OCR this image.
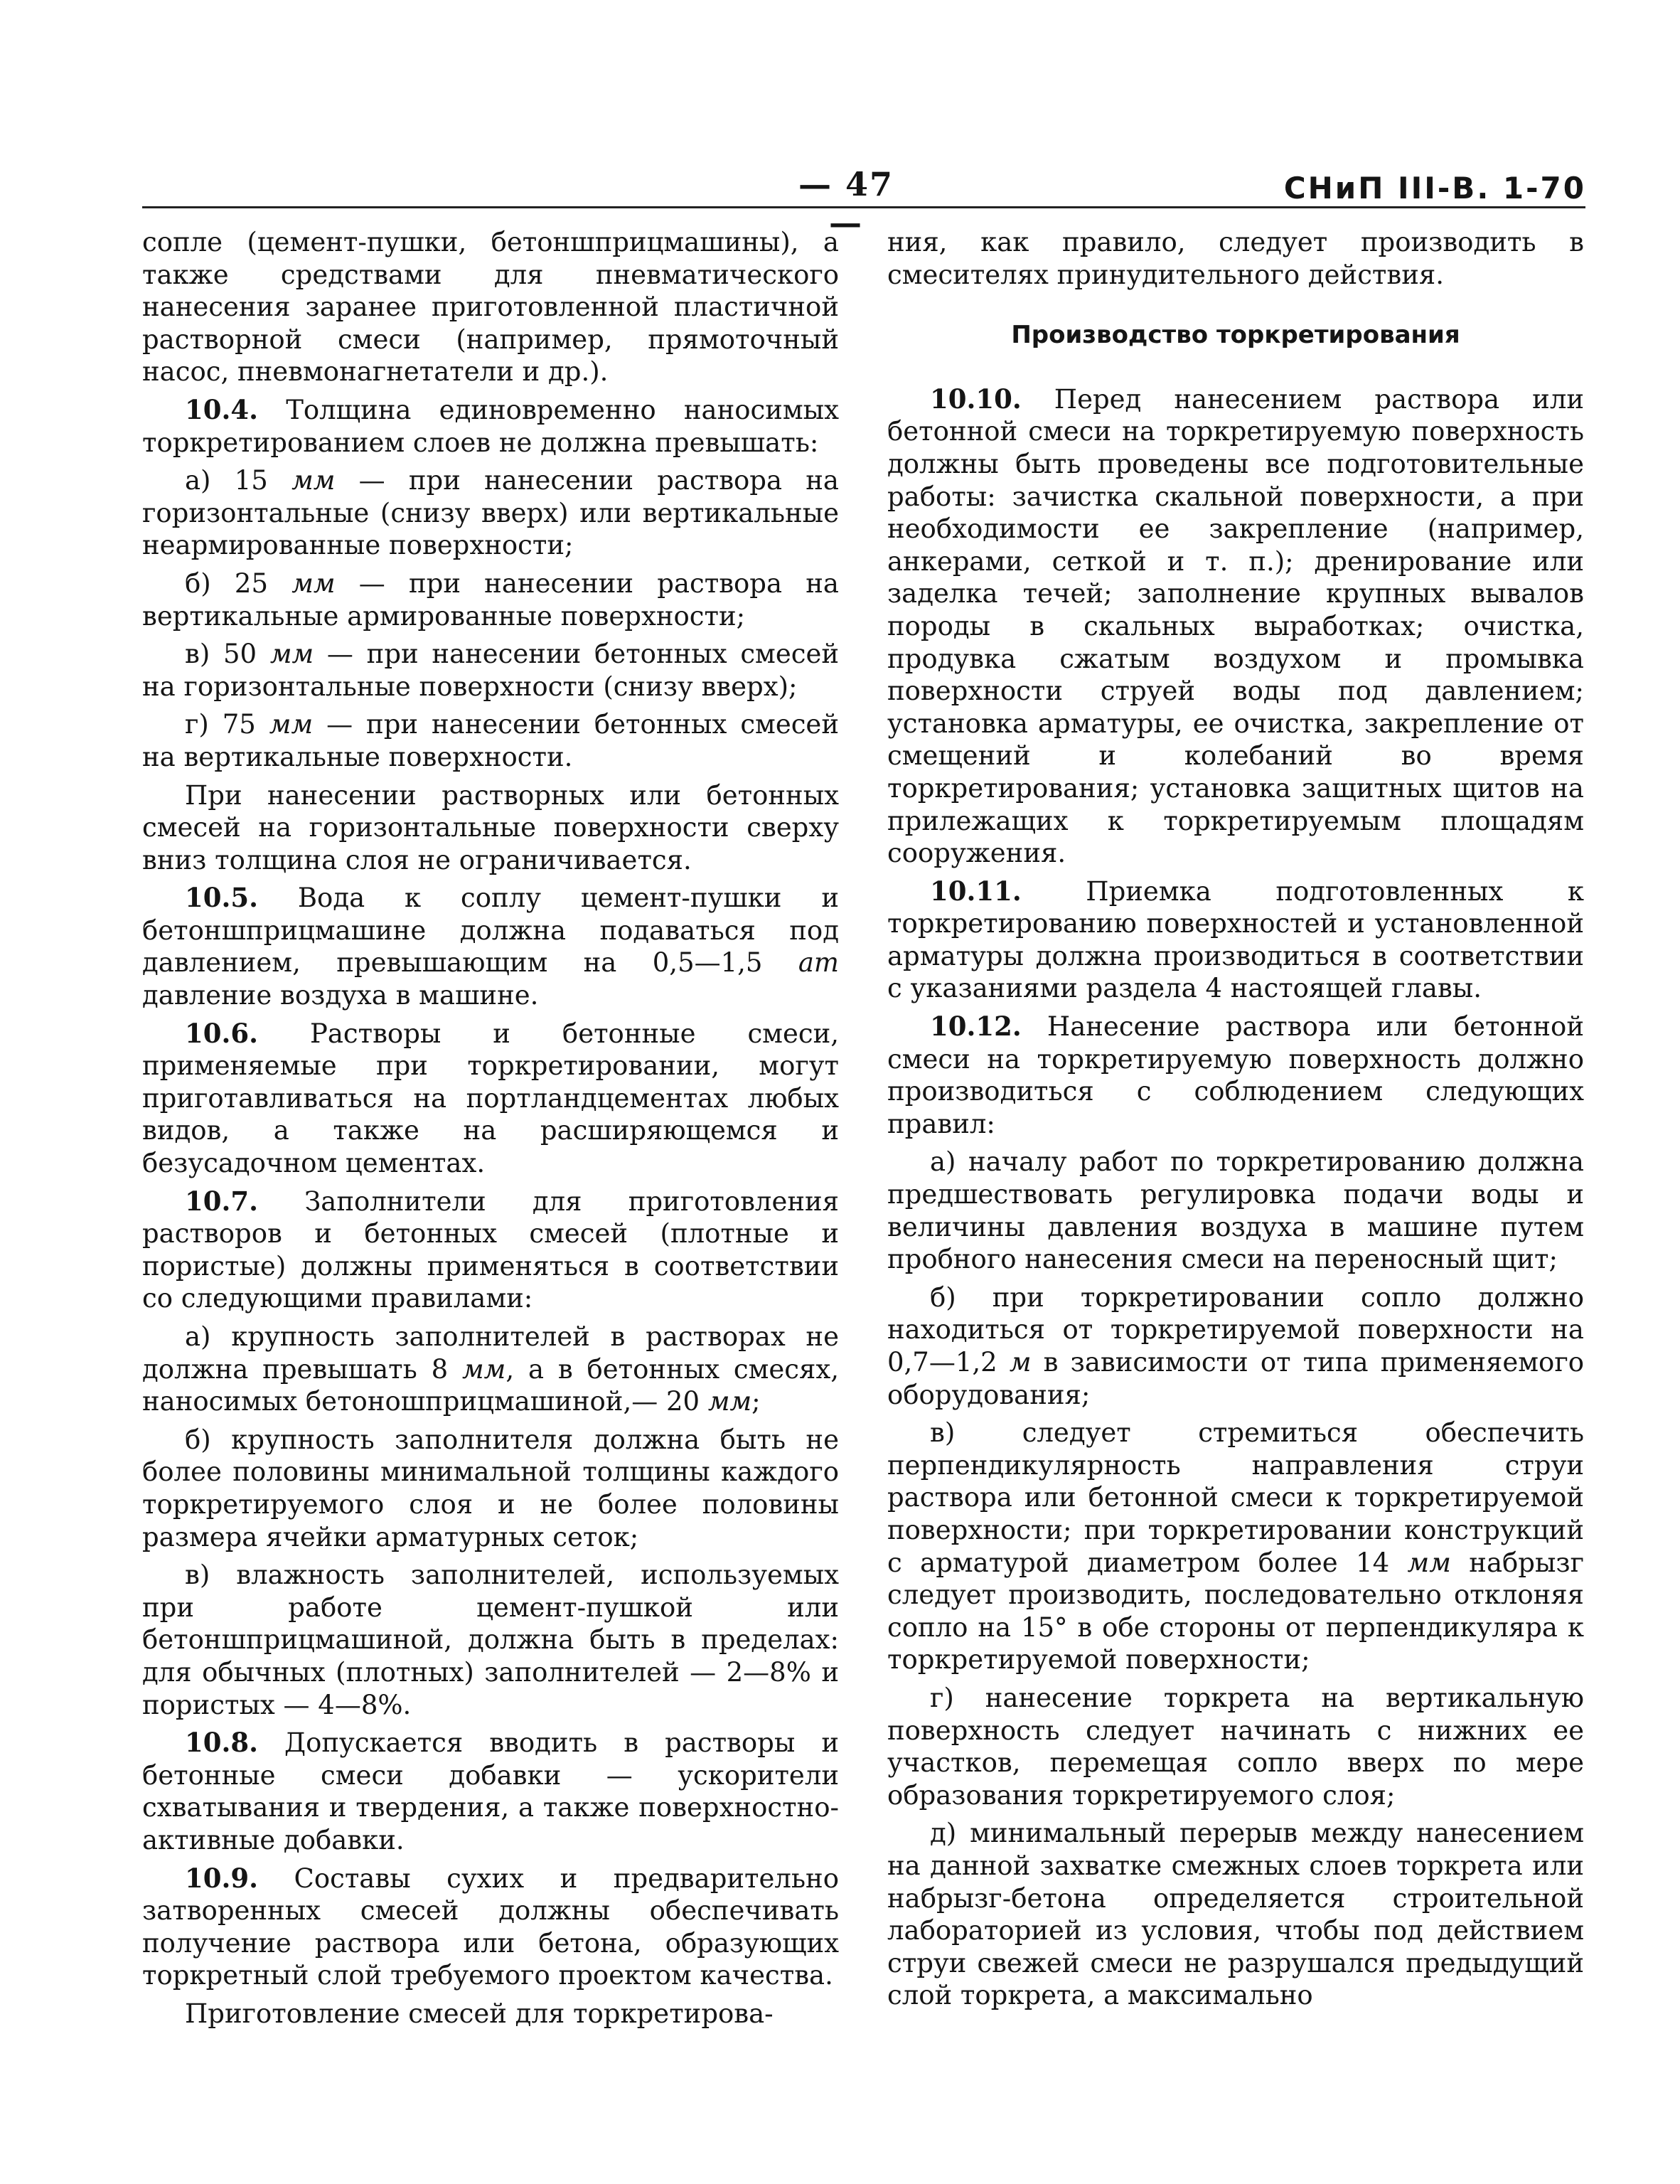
— 47 —
СНиП III-В. 1-70

сопле (цемент-пушки, бетоншприцмашины), а также средствами для пневматического нанесения заранее приготовленной пластичной растворной смеси (например, прямоточный насос, пневмонагнетатели и др.).

10.4. Толщина единовременно наносимых торкретированием слоев не должна превышать:

а) 15 мм — при нанесении раствора на горизонтальные (снизу вверх) или вертикальные неармированные поверхности;

б) 25 мм — при нанесении раствора на вертикальные армированные поверхности;

в) 50 мм — при нанесении бетонных смесей на горизонтальные поверхности (снизу вверх);

г) 75 мм — при нанесении бетонных смесей на вертикальные поверхности.

При нанесении растворных или бетонных смесей на горизонтальные поверхности сверху вниз толщина слоя не ограничивается.

10.5. Вода к соплу цемент-пушки и бетоншприцмашине должна подаваться под давлением, превышающим на 0,5—1,5 ат давление воздуха в машине.

10.6. Растворы и бетонные смеси, применяемые при торкретировании, могут приготавливаться на портландцементах любых видов, а также на расширяющемся и безусадочном цементах.

10.7. Заполнители для приготовления растворов и бетонных смесей (плотные и пористые) должны применяться в соответствии со следующими правилами:

а) крупность заполнителей в растворах не должна превышать 8 мм, а в бетонных смесях, наносимых бетоношприцмашиной,— 20 мм;

б) крупность заполнителя должна быть не более половины минимальной толщины каждого торкретируемого слоя и не более половины размера ячейки арматурных сеток;

в) влажность заполнителей, используемых при работе цемент-пушкой или бетоншприцмашиной, должна быть в пределах: для обычных (плотных) заполнителей — 2—8% и пористых — 4—8%.

10.8. Допускается вводить в растворы и бетонные смеси добавки — ускорители схватывания и твердения, а также поверхностно-активные добавки.

10.9. Составы сухих и предварительно затворенных смесей должны обеспечивать получение раствора или бетона, образующих торкретный слой требуемого проектом качества.

Приготовление смесей для торкретирова-

ния, как правило, следует производить в смесителях принудительного действия.

Производство торкретирования

10.10. Перед нанесением раствора или бетонной смеси на торкретируемую поверхность должны быть проведены все подготовительные работы: зачистка скальной поверхности, а при необходимости ее закрепление (например, анкерами, сеткой и т. п.); дренирование или заделка течей; заполнение крупных вывалов породы в скальных выработках; очистка, продувка сжатым воздухом и промывка поверхности струей воды под давлением; установка арматуры, ее очистка, закрепление от смещений и колебаний во время торкретирования; установка защитных щитов на прилежащих к торкретируемым площадям сооружения.

10.11. Приемка подготовленных к торкретированию поверхностей и установленной арматуры должна производиться в соответствии с указаниями раздела 4 настоящей главы.

10.12. Нанесение раствора или бетонной смеси на торкретируемую поверхность должно производиться с соблюдением следующих правил:

а) началу работ по торкретированию должна предшествовать регулировка подачи воды и величины давления воздуха в машине путем пробного нанесения смеси на переносный щит;

б) при торкретировании сопло должно находиться от торкретируемой поверхности на 0,7—1,2 м в зависимости от типа применяемого оборудования;

в) следует стремиться обеспечить перпендикулярность направления струи раствора или бетонной смеси к торкретируемой поверхности; при торкретировании конструкций с арматурой диаметром более 14 мм набрызг следует производить, последовательно отклоняя сопло на 15° в обе стороны от перпендикуляра к торкретируемой поверхности;

г) нанесение торкрета на вертикальную поверхность следует начинать с нижних ее участков, перемещая сопло вверх по мере образования торкретируемого слоя;

д) минимальный перерыв между нанесением на данной захватке смежных слоев торкрета или набрызг-бетона определяется строительной лабораторией из условия, чтобы под действием струи свежей смеси не разрушался предыдущий слой торкрета, а максимально
